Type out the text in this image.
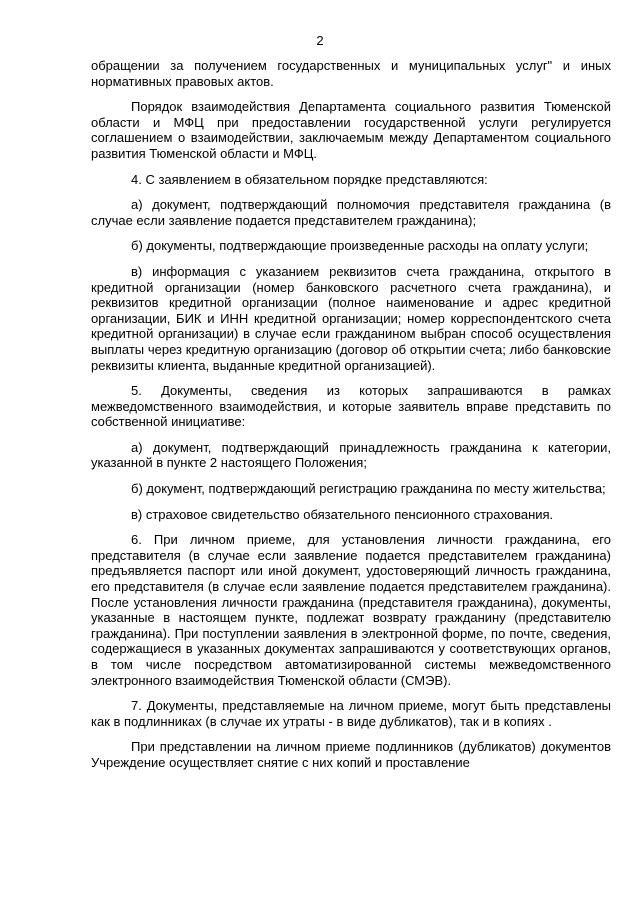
2

обращении за получением государственных и муниципальных услуг" и иных нормативных правовых актов.

Порядок взаимодействия Департамента социального развития Тюменской области и МФЦ при предоставлении государственной услуги регулируется соглашением о взаимодействии, заключаемым между Департаментом социального развития Тюменской области и МФЦ.

4. С заявлением в обязательном порядке представляются:

а) документ, подтверждающий полномочия представителя гражданина (в случае если заявление подается представителем гражданина);

б) документы, подтверждающие произведенные расходы на оплату услуги;

в) информация с указанием реквизитов счета гражданина, открытого в кредитной организации (номер банковского расчетного счета гражданина), и реквизитов кредитной организации (полное наименование и адрес кредитной организации, БИК и ИНН кредитной организации; номер корреспондентского счета кредитной организации) в случае если гражданином выбран способ осуществления выплаты через кредитную организацию (договор об открытии счета; либо банковские реквизиты клиента, выданные кредитной организацией).

5. Документы, сведения из которых запрашиваются в рамках межведомственного взаимодействия, и которые заявитель вправе представить по собственной инициативе:

а) документ, подтверждающий принадлежность гражданина к категории, указанной в пункте 2 настоящего Положения;

б) документ, подтверждающий регистрацию гражданина по месту жительства;

в) страховое свидетельство обязательного пенсионного страхования.

6. При личном приеме, для установления личности гражданина, его представителя (в случае если заявление подается представителем гражданина) предъявляется паспорт или иной документ, удостоверяющий личность гражданина, его представителя (в случае если заявление подается представителем гражданина). После установления личности гражданина (представителя гражданина), документы, указанные в настоящем пункте, подлежат возврату гражданину (представителю гражданина). При поступлении заявления в электронной форме, по почте, сведения, содержащиеся в указанных документах запрашиваются у соответствующих органов, в том числе посредством автоматизированной системы межведомственного электронного взаимодействия Тюменской области (СМЭВ).

7. Документы, представляемые на личном приеме, могут быть представлены как в подлинниках (в случае их утраты - в виде дубликатов), так и в копиях .

При представлении на личном приеме подлинников (дубликатов) документов Учреждение осуществляет снятие с них копий и проставление
